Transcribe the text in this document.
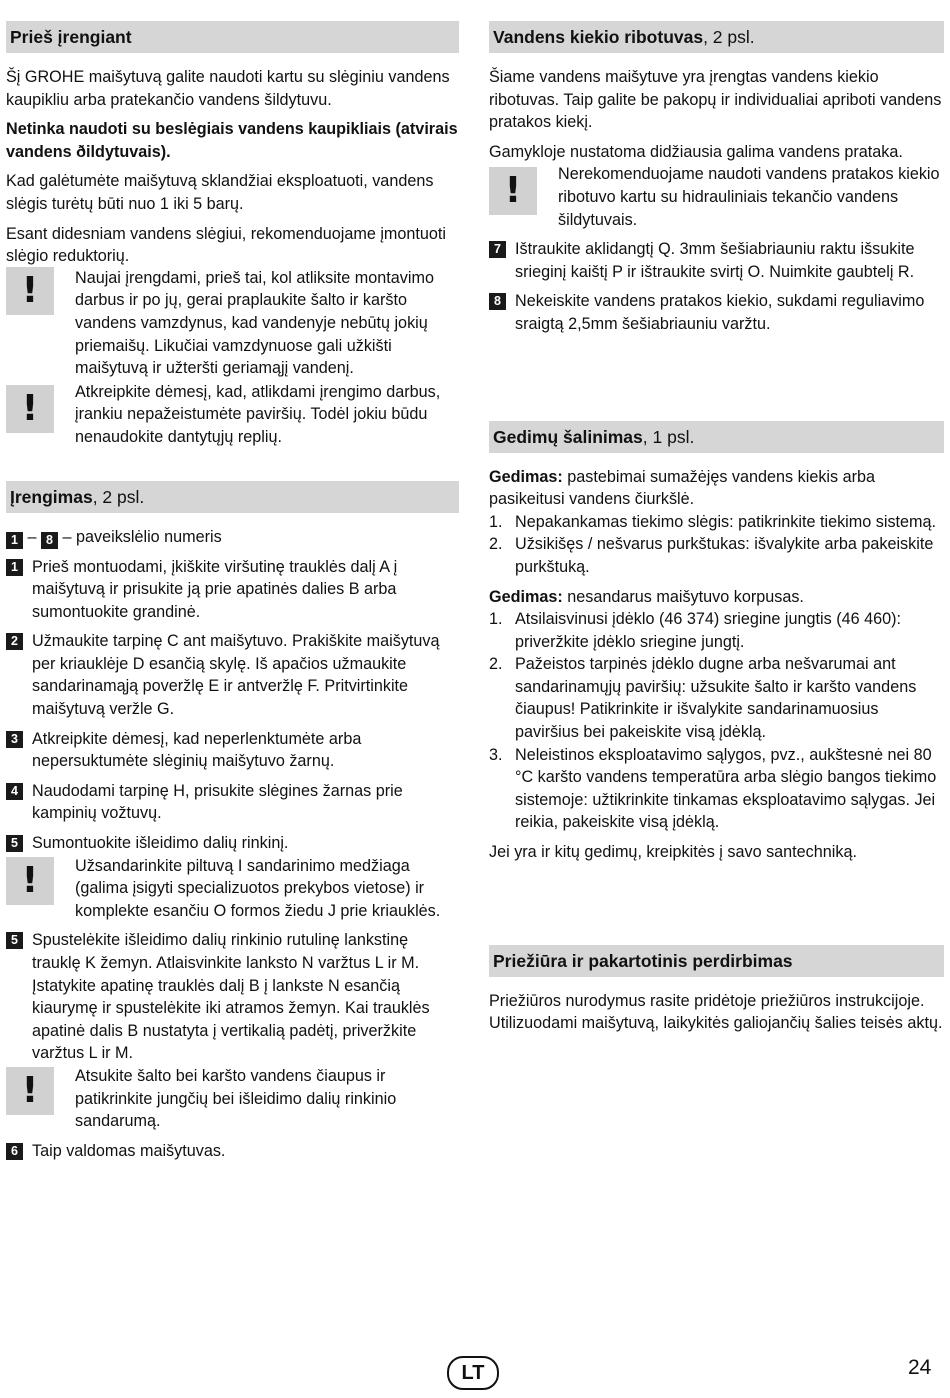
Prieš įrengiant

Šį GROHE maišytuvą galite naudoti kartu su slėginiu vandens kaupikliu arba pratekančio vandens šildytuvu.

Netinka naudoti su beslėgiais vandens kaupikliais (atvirais vandens ðildytuvais).

Kad galėtumėte maišytuvą sklandžiai eksploatuoti, vandens slėgis turėtų būti nuo 1 iki 5 barų.

Esant didesniam vandens slėgiui, rekomenduojame įmontuoti slėgio reduktorių.

!	Naujai įrengdami, prieš tai, kol atliksite montavimo darbus ir po jų, gerai praplaukite šalto ir karšto vandens vamzdynus, kad vandenyje nebūtų jokių priemaišų. Likučiai vamzdynuose gali užkišti maišytuvą ir užteršti geriamąjį vandenį.

!	Atkreipkite dėmesį, kad, atlikdami įrengimo darbus, įrankiu nepažeistumėte paviršių. Todėl jokiu būdu nenaudokite dantytųjų replių.

Įrengimas, 2 psl.

1 – 8 – paveikslėlio numeris

1 Prieš montuodami, įkiškite viršutinę trauklės dalį A į maišytuvą ir prisukite ją prie apatinės dalies B arba sumontuokite grandinė.

2 Užmaukite tarpinę C ant maišytuvo. Prakiškite maišytuvą per kriauklėje D esančią skylę. Iš apačios užmaukite sandarinamąją poveržlę E ir antveržlę F. Pritvirtinkite maišytuvą veržle G.

3 Atkreipkite dėmesį, kad neperlenktumėte arba nepersuktumėte slėginių maišytuvo žarnų.

4 Naudodami tarpinę H, prisukite slėgines žarnas prie kampinių vožtuvų.

5 Sumontuokite išleidimo dalių rinkinį.

!	Užsandarinkite piltuvą I sandarinimo medžiaga (galima įsigyti specializuotos prekybos vietose) ir komplekte esančiu O formos žiedu J prie kriauklės.

5 Spustelėkite išleidimo dalių rinkinio rutulinę lankstinę trauklę K žemyn. Atlaisvinkite lanksto N varžtus L ir M. Įstatykite apatinę trauklės dalį B į lankste N esančią kiaurymę ir spustelėkite iki atramos žemyn. Kai trauklės apatinė dalis B nustatyta į vertikalią padėtį, priveržkite varžtus L ir M.

!	Atsukite šalto bei karšto vandens čiaupus ir patikrinkite jungčių bei išleidimo dalių rinkinio sandarumą.

6 Taip valdomas maišytuvas.

Vandens kiekio ribotuvas, 2 psl.

Šiame vandens maišytuve yra įrengtas vandens kiekio ribotuvas. Taip galite be pakopų ir individualiai apriboti vandens pratakos kiekį.

Gamykloje nustatoma didžiausia galima vandens prataka.

!	Nerekomenduojame naudoti vandens pratakos kiekio ribotuvo kartu su hidrauliniais tekančio vandens šildytuvais.

7 Ištraukite aklidangtį Q. 3mm šešiabriauniu raktu išsukite srieginį kaištį P ir ištraukite svirtį O. Nuimkite gaubtelį R.

8 Nekeiskite vandens pratakos kiekio, sukdami reguliavimo sraigtą 2,5mm šešiabriauniu varžtu.

Gedimų šalinimas, 1 psl.

Gedimas: pastebimai sumažėjęs vandens kiekis arba pasikeitusi vandens čiurkšlė.

1. Nepakankamas tiekimo slėgis: patikrinkite tiekimo sistemą.
2. Užsikišęs / nešvarus purkštukas: išvalykite arba pakeiskite purkštuką.

Gedimas: nesandarus maišytuvo korpusas.

1. Atsilaisvinusi įdėklo (46 374) sriegine jungtis (46 460): priveržkite įdėklo sriegine jungtį.
2. Pažeistos tarpinės įdėklo dugne arba nešvarumai ant sandarinamųjų paviršių: užsukite šalto ir karšto vandens čiaupus! Patikrinkite ir išvalykite sandarinamuosius paviršius bei pakeiskite visą įdėklą.
3. Neleistinos eksploatavimo sąlygos, pvz., aukštesnė nei 80 °C karšto vandens temperatūra arba slėgio bangos tiekimo sistemoje: užtikrinkite tinkamas eksploatavimo sąlygas. Jei reikia, pakeiskite visą įdėklą.

Jei yra ir kitų gedimų, kreipkitės į savo santechniką.

Priežiūra ir pakartotinis perdirbimas

Priežiūros nurodymus rasite pridėtoje priežiūros instrukcijoje. Utilizuodami maišytuvą, laikykitės galiojančių šalies teisės aktų.

LT	24
